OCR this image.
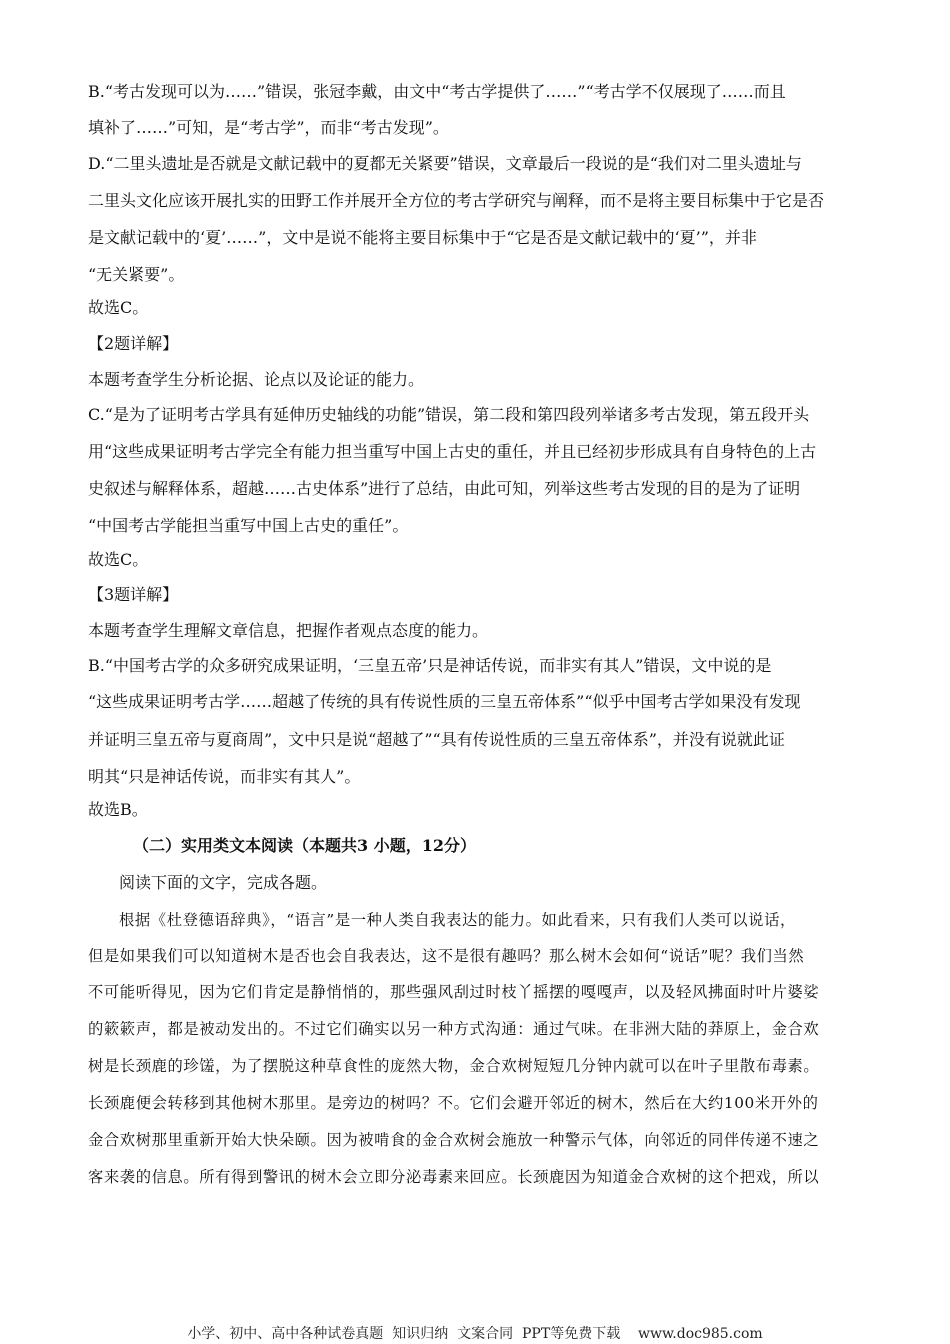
B.“考古发现可以为……”错误，张冠李戴，由文中“考古学提供了……”“考古学不仅展现了……而且
填补了……”可知，是“考古学”，而非“考古发现”。
D.“二里头遗址是否就是文献记载中的夏都无关紧要”错误，文章最后一段说的是“我们对二里头遗址与
二里头文化应该开展扎实的田野工作并展开全方位的考古学研究与阐释，而不是将主要目标集中于它是否
是文献记载中的‘夏’……”，文中是说不能将主要目标集中于“它是否是文献记载中的‘夏’”，并非
“无关紧要”。
故选C。
【2题详解】
本题考查学生分析论据、论点以及论证的能力。
C.“是为了证明考古学具有延伸历史轴线的功能”错误，第二段和第四段列举诸多考古发现，第五段开头
用“这些成果证明考古学完全有能力担当重写中国上古史的重任，并且已经初步形成具有自身特色的上古
史叙述与解释体系，超越……古史体系”进行了总结，由此可知，列举这些考古发现的目的是为了证明
“中国考古学能担当重写中国上古史的重任”。
故选C。
【3题详解】
本题考查学生理解文章信息，把握作者观点态度的能力。
B.“中国考古学的众多研究成果证明，‘三皇五帝’只是神话传说，而非实有其人”错误，文中说的是
“这些成果证明考古学……超越了传统的具有传说性质的三皇五帝体系”“似乎中国考古学如果没有发现
并证明三皇五帝与夏商周”，文中只是说“超越了”“具有传说性质的三皇五帝体系”，并没有说就此证
明其“只是神话传说，而非实有其人”。
故选B。
（二）实用类文本阅读（本题共3 小题，12分）
阅读下面的文字，完成各题。
根据《杜登德语辞典》，“语言”是一种人类自我表达的能力。如此看来，只有我们人类可以说话，
但是如果我们可以知道树木是否也会自我表达，这不是很有趣吗？那么树木会如何“说话”呢？我们当然
不可能听得见，因为它们肯定是静悄悄的，那些强风刮过时枝丫摇摆的嘎嘎声，以及轻风拂面时叶片婆娑
的簌簌声，都是被动发出的。不过它们确实以另一种方式沟通：通过气味。在非洲大陆的莽原上，金合欢
树是长颈鹿的珍馐，为了摆脱这种草食性的庞然大物，金合欢树短短几分钟内就可以在叶子里散布毒素。
长颈鹿便会转移到其他树木那里。是旁边的树吗？不。它们会避开邻近的树木，然后在大约100米开外的
金合欢树那里重新开始大快朵颐。因为被啃食的金合欢树会施放一种警示气体，向邻近的同伴传递不速之
客来袭的信息。所有得到警讯的树木会立即分泌毒素来回应。长颈鹿因为知道金合欢树的这个把戏，所以
小学、初中、高中各种试卷真题  知识归纳  文案合同  PPT等免费下载    www.doc985.com
